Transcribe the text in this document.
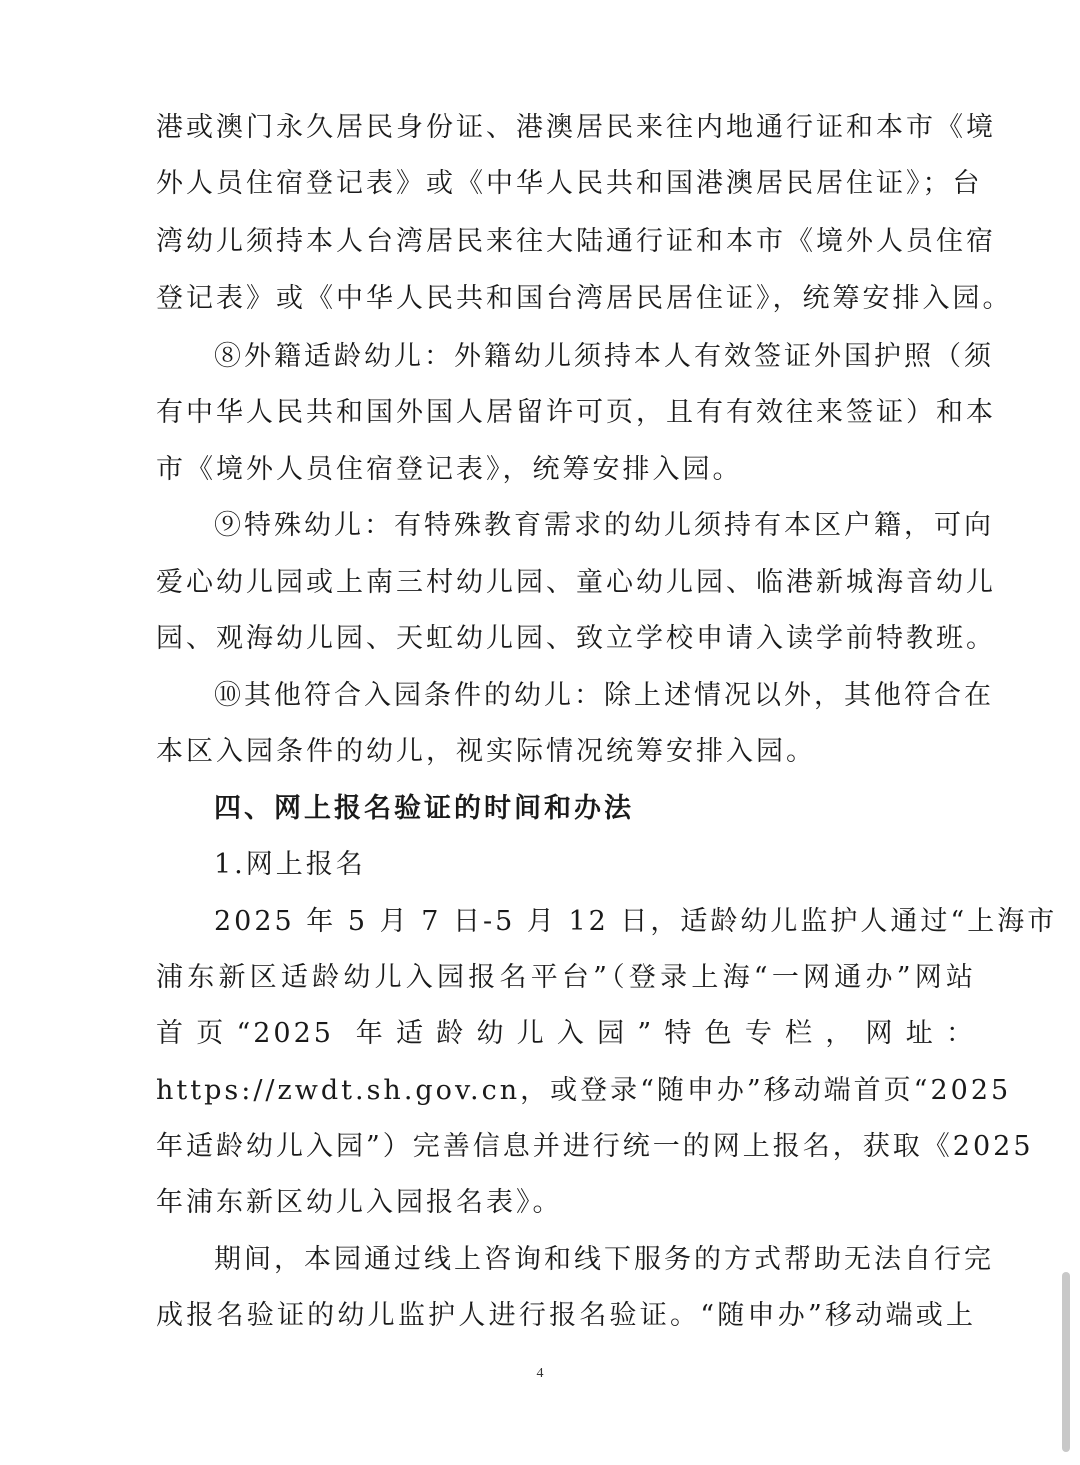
港或澳门永久居民身份证、港澳居民来往内地通行证和本市《境
外人员住宿登记表》或《中华人民共和国港澳居民居住证》；台
湾幼儿须持本人台湾居民来往大陆通行证和本市《境外人员住宿
登记表》或《中华人民共和国台湾居民居住证》，统筹安排入园。
⑧外籍适龄幼儿：外籍幼儿须持本人有效签证外国护照（须
有中华人民共和国外国人居留许可页，且有有效往来签证）和本
市《境外人员住宿登记表》，统筹安排入园。
⑨特殊幼儿：有特殊教育需求的幼儿须持有本区户籍，可向
爱心幼儿园或上南三村幼儿园、童心幼儿园、临港新城海音幼儿
园、观海幼儿园、天虹幼儿园、致立学校申请入读学前特教班。
⑩其他符合入园条件的幼儿：除上述情况以外，其他符合在
本区入园条件的幼儿，视实际情况统筹安排入园。
四、网上报名验证的时间和办法
1.网上报名
2025 年 5 月 7 日-5 月 12 日，适龄幼儿监护人通过“上海市
浦东新区适龄幼儿入园报名平台”（登录上海“一网通办”网站
首页“2025 年适龄幼儿入园”特色专栏，网址：
https://zwdt.sh.gov.cn，或登录“随申办”移动端首页“2025
年适龄幼儿入园”）完善信息并进行统一的网上报名，获取《2025
年浦东新区幼儿入园报名表》。
期间，本园通过线上咨询和线下服务的方式帮助无法自行完
成报名验证的幼儿监护人进行报名验证。“随申办”移动端或上
4
